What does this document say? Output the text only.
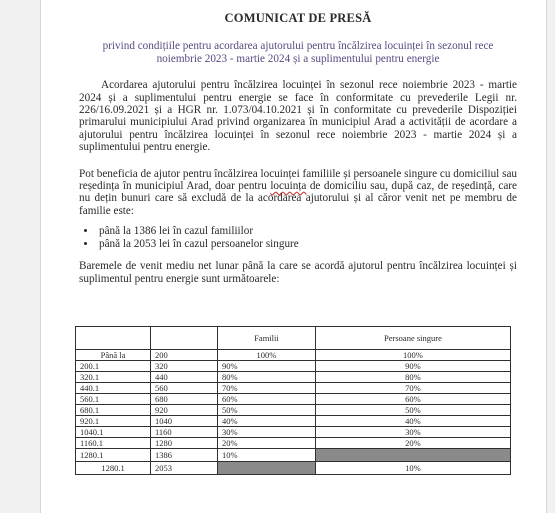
COMUNICAT DE PRESĂ
privind condițiile pentru acordarea ajutorului pentru încălzirea locuinței în sezonul rece noiembrie 2023 - martie 2024 și a suplimentului pentru energie

Acordarea ajutorului pentru încălzirea locuinței în sezonul rece noiembrie 2023 - martie 2024 și a suplimentului pentru energie se face în conformitate cu prevederile Legii nr. 226/16.09.2021 și a HGR nr. 1.073/04.10.2021 și în conformitate cu prevederile Dispoziției primarului municipiului Arad privind organizarea în municipiul Arad a activității de acordare a ajutorului pentru încălzirea locuinței în sezonul rece noiembrie 2023 - martie 2024 și a suplimentului pentru energie.

Pot beneficia de ajutor pentru încălzirea locuinței familiile și persoanele singure cu domiciliul sau reședința în municipiul Arad, doar pentru locuința de domiciliu sau, după caz, de reședință, care nu dețin bunuri care să excludă de la acordarea ajutorului și al căror venit net pe membru de familie este:

• până la 1386 lei în cazul familiilor
• până la 2053 lei în cazul persoanelor singure

Baremele de venit mediu net lunar până la care se acordă ajutorul pentru încălzirea locuinței și suplimentul pentru energie sunt următoarele:

		Familii	Persoane singure
Până la	200	100%	100%
200.1	320	90%	90%
320.1	440	80%	80%
440.1	560	70%	70%
560.1	680	60%	60%
680.1	920	50%	50%
920.1	1040	40%	40%
1040.1	1160	30%	30%
1160.1	1280	20%	20%
1280.1	1386	10%	
1280.1	2053		10%
